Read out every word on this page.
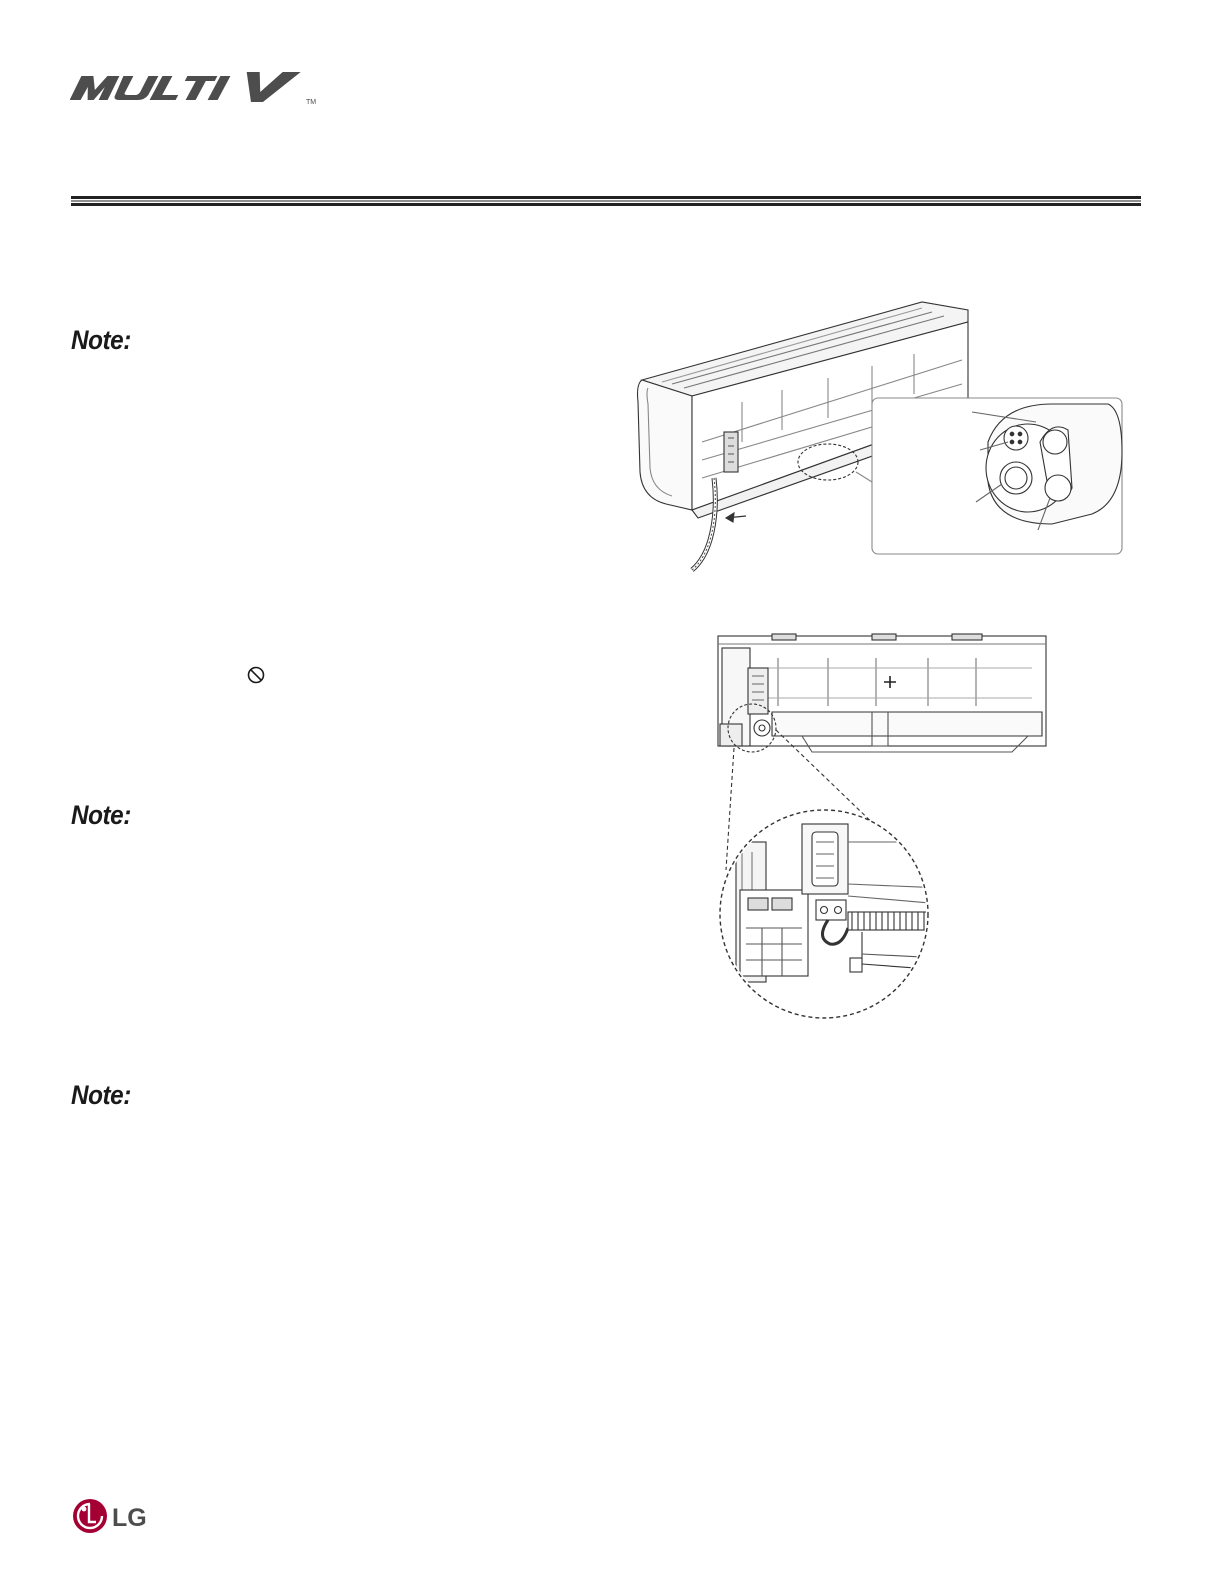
TM
Note:
Note:
Note:
LG
